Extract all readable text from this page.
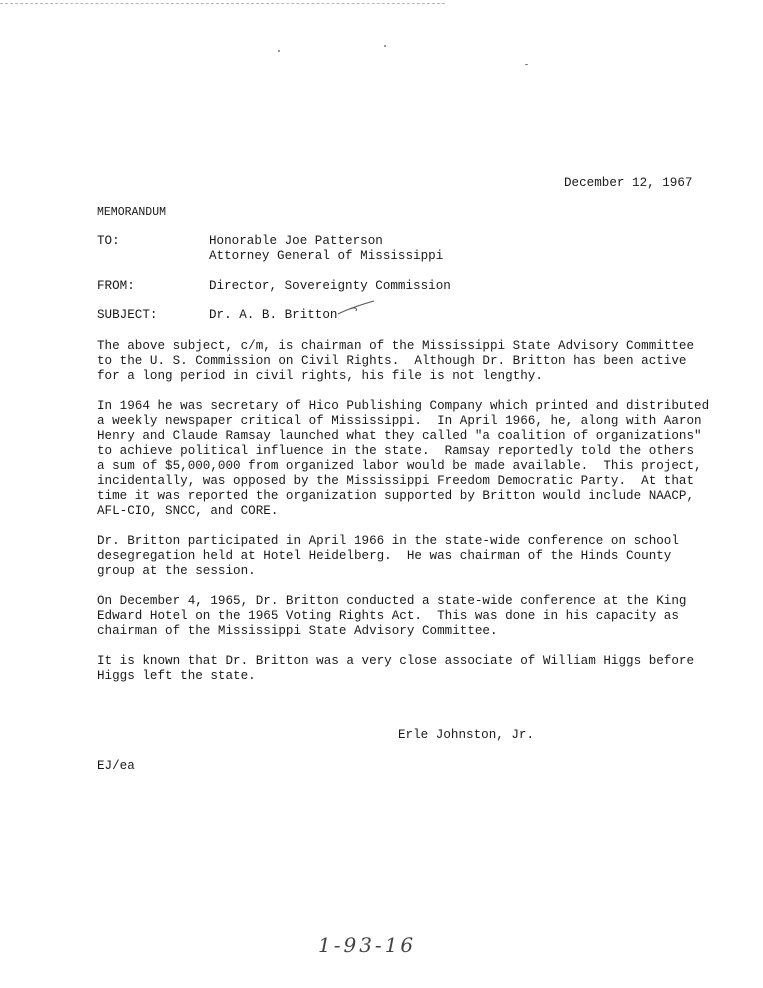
December 12, 1967
MEMORANDUM
TO:	Honorable Joe Patterson
Attorney General of Mississippi
FROM:	Director, Sovereignty Commission
SUBJECT:	Dr. A. B. Britton
The above subject, c/m, is chairman of the Mississippi State Advisory Committee
to the U. S. Commission on Civil Rights.  Although Dr. Britton has been active
for a long period in civil rights, his file is not lengthy.
In 1964 he was secretary of Hico Publishing Company which printed and distributed
a weekly newspaper critical of Mississippi.  In April 1966, he, along with Aaron
Henry and Claude Ramsay launched what they called "a coalition of organizations"
to achieve political influence in the state.  Ramsay reportedly told the others
a sum of $5,000,000 from organized labor would be made available.  This project,
incidentally, was opposed by the Mississippi Freedom Democratic Party.  At that
time it was reported the organization supported by Britton would include NAACP,
AFL-CIO, SNCC, and CORE.
Dr. Britton participated in April 1966 in the state-wide conference on school
desegregation held at Hotel Heidelberg.  He was chairman of the Hinds County
group at the session.
On December 4, 1965, Dr. Britton conducted a state-wide conference at the King
Edward Hotel on the 1965 Voting Rights Act.  This was done in his capacity as
chairman of the Mississippi State Advisory Committee.
It is known that Dr. Britton was a very close associate of William Higgs before
Higgs left the state.
Erle Johnston, Jr.
EJ/ea
1-93-16
